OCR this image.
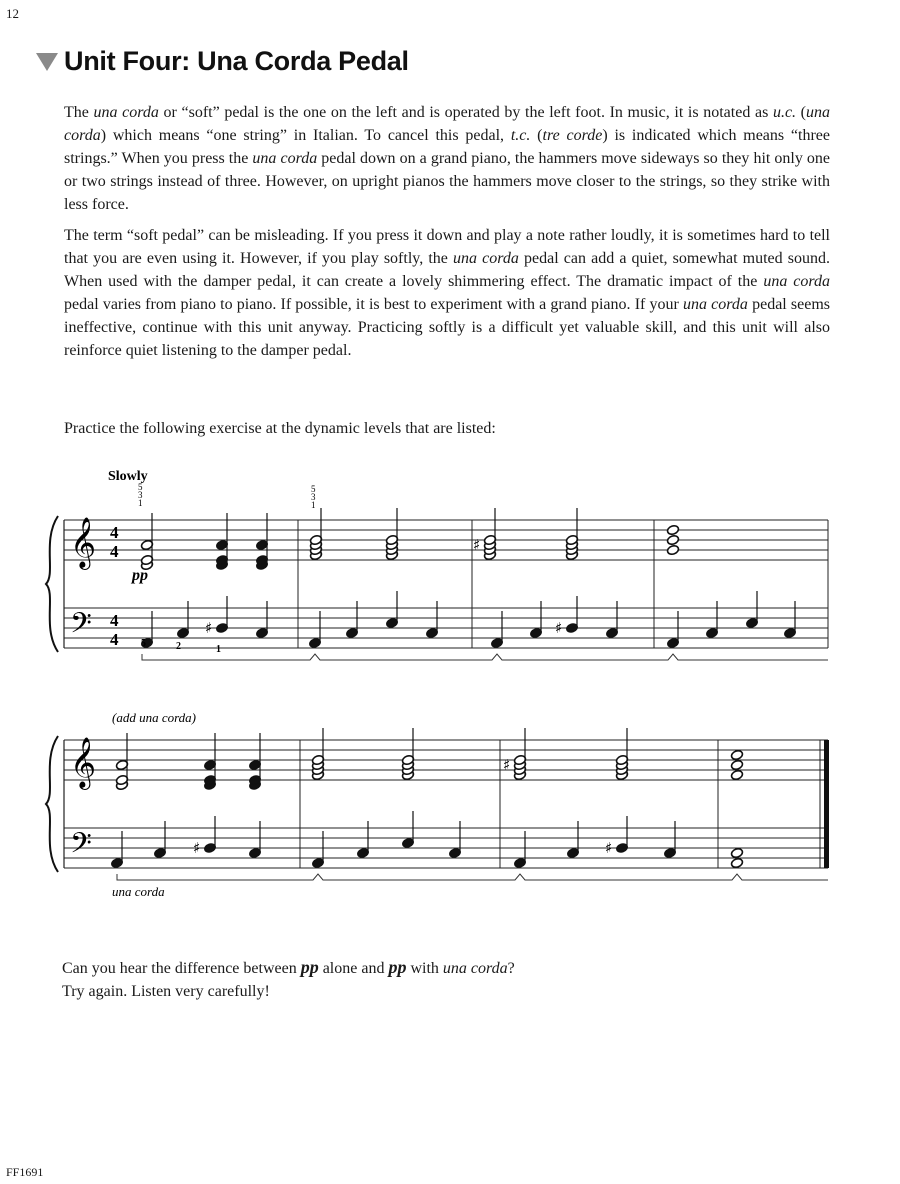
12
Unit Four: Una Corda Pedal

The una corda or “soft” pedal is the one on the left and is operated by the left foot. In music, it is notated as u.c. (una corda) which means “one string” in Italian. To cancel this pedal, t.c. (tre corde) is indicated which means “three strings.” When you press the una corda pedal down on a grand piano, the hammers move sideways so they hit only one or two strings instead of three. However, on upright pianos the hammers move closer to the strings, so they strike with less force.

The term “soft pedal” can be misleading. If you press it down and play a note rather loudly, it is sometimes hard to tell that you are even using it. However, if you play softly, the una corda pedal can add a quiet, somewhat muted sound. When used with the damper pedal, it can create a lovely shimmering effect. The dramatic impact of the una corda pedal varies from piano to piano. If possible, it is best to experiment with a grand piano. If your una corda pedal seems ineffective, continue with this unit anyway. Practicing softly is a difficult yet valuable skill, and this unit will also reinforce quiet listening to the damper pedal.

Practice the following exercise at the dynamic levels that are listed:
𝄞
𝄢
4
4
4
4
♯
♯	♯
Slowly
pp
5
3
1
5
3
1
5	2	1
𝄞
𝄢
♯
♯	♯
(add una corda)
una corda
Can you hear the difference between pp alone and pp with una corda?
Try again. Listen very carefully!
FF1691
